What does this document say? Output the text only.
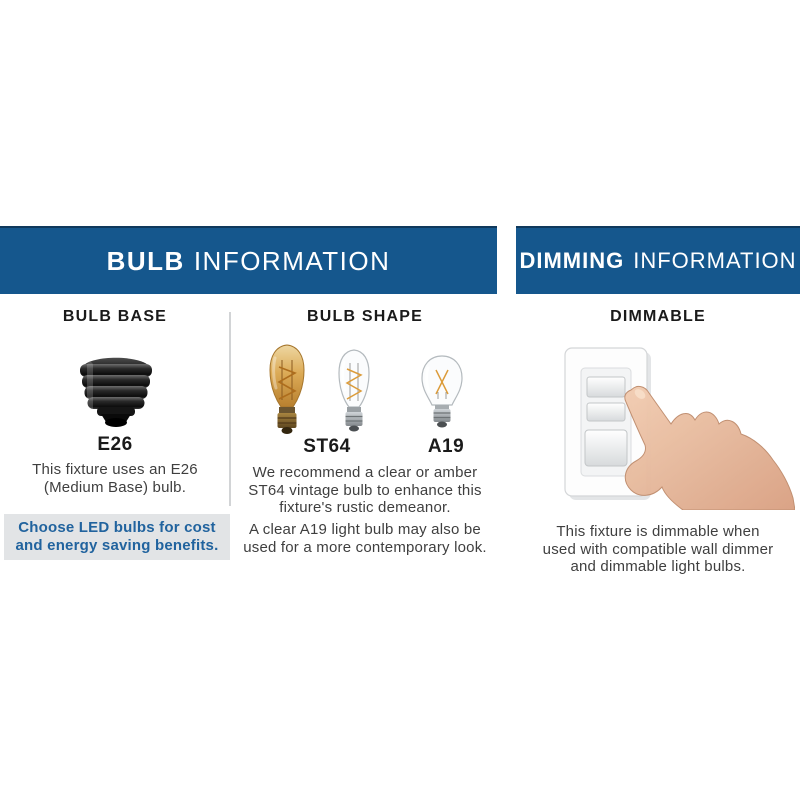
BULB INFORMATION	DIMMING INFORMATION
BULB BASE
E26
This fixture uses an E26
(Medium Base) bulb.
Choose LED bulbs for cost
and energy saving benefits.
BULB SHAPE
ST64	A19
We recommend a clear or amber
ST64 vintage bulb to enhance this
fixture's rustic demeanor.
A clear A19 light bulb may also be
used for a more contemporary look.
DIMMABLE
This fixture is dimmable when
used with compatible wall dimmer
and dimmable light bulbs.
